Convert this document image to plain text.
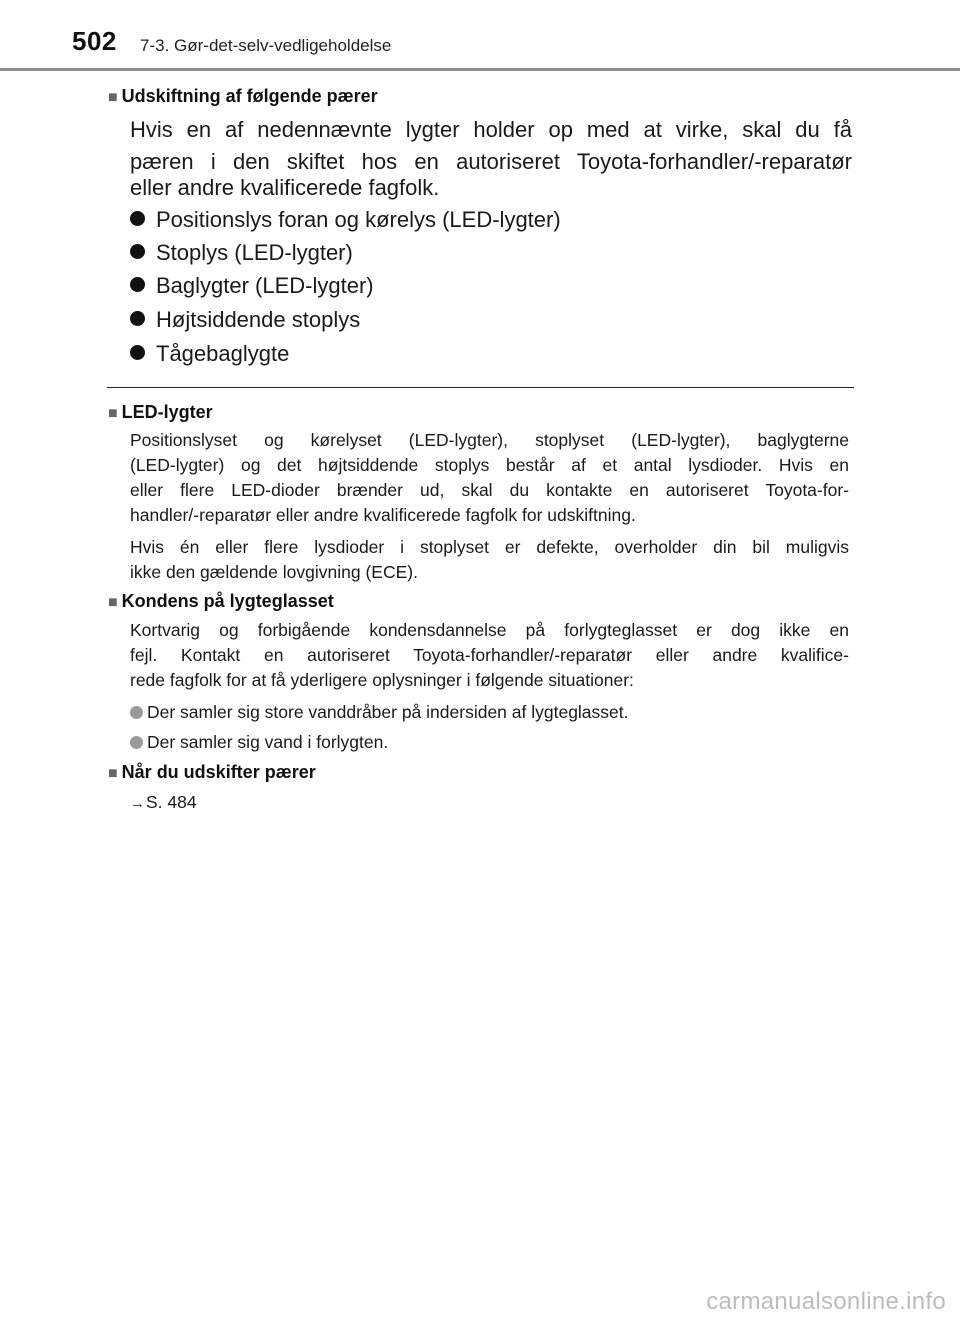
502 7-3. Gør-det-selv-vedligeholdelse
■ Udskiftning af følgende pærer
Hvis en af nedennævnte lygter holder op med at virke, skal du få
pæren i den skiftet hos en autoriseret Toyota-forhandler/-reparatør
eller andre kvalificerede fagfolk.
Positionslys foran og kørelys (LED-lygter)
Stoplys (LED-lygter)
Baglygter (LED-lygter)
Højtsiddende stoplys
Tågebaglygte
■ LED-lygter
Positionslyset og kørelyset (LED-lygter), stoplyset (LED-lygter), baglygterne
(LED-lygter) og det højtsiddende stoplys består af et antal lysdioder. Hvis en
eller flere LED-dioder brænder ud, skal du kontakte en autoriseret Toyota-for-
handler/-reparatør eller andre kvalificerede fagfolk for udskiftning.
Hvis én eller flere lysdioder i stoplyset er defekte, overholder din bil muligvis
ikke den gældende lovgivning (ECE).
■ Kondens på lygteglasset
Kortvarig og forbigående kondensdannelse på forlygteglasset er dog ikke en
fejl. Kontakt en autoriseret Toyota-forhandler/-reparatør eller andre kvalifice-
rede fagfolk for at få yderligere oplysninger i følgende situationer:
Der samler sig store vanddråber på indersiden af lygteglasset.
Der samler sig vand i forlygten.
■ Når du udskifter pærer
→S. 484
carmanualsonline.info
